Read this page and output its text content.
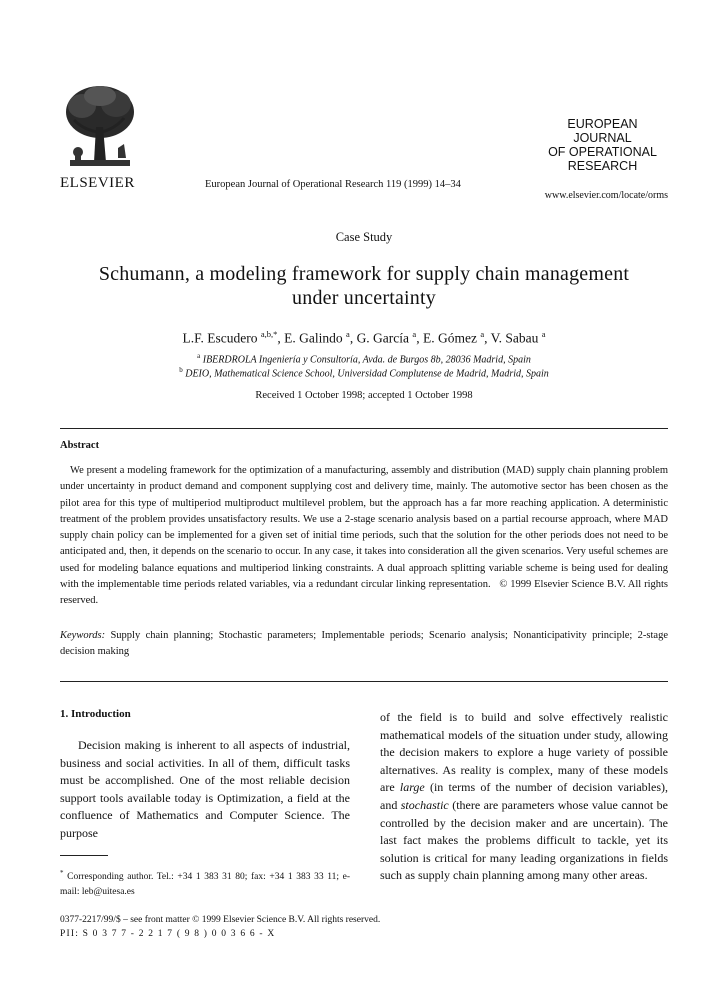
ELSEVIER	European Journal of Operational Research 119 (1999) 14–34
EUROPEAN
JOURNAL
OF OPERATIONAL
RESEARCH
www.elsevier.com/locate/orms
Case Study
Schumann, a modeling framework for supply chain management
under uncertainty
L.F. Escudero $^{a,b,*}$, E. Galindo $^a$, G. García $^a$, E. Gómez $^a$, V. Sabau $^a$
$^a$ IBERDROLA Ingeniería y Consultoría, Avda. de Burgos 8b, 28036 Madrid, Spain
$^b$ DEIO, Mathematical Science School, Universidad Complutense de Madrid, Madrid, Spain
Received 1 October 1998; accepted 1 October 1998
Abstract
We present a modeling framework for the optimization of a manufacturing, assembly and distribution (MAD) supply chain planning problem under uncertainty in product demand and component supplying cost and delivery time, mainly. The automotive sector has been chosen as the pilot area for this type of multiperiod multiproduct multilevel problem, but the approach has a far more reaching application. A deterministic treatment of the problem provides unsatisfactory results. We use a 2-stage scenario analysis based on a partial recourse approach, where MAD supply chain policy can be implemented for a given set of initial time periods, such that the solution for the other periods does not need to be anticipated and, then, it depends on the scenario to occur. In any case, it takes into consideration all the given scenarios. Very useful schemes are used for modeling balance equations and multiperiod linking constraints. A dual approach splitting variable scheme is being used for dealing with the implementable time periods related variables, via a redundant circular linking representation. © 1999 Elsevier Science B.V. All rights reserved.
Keywords: Supply chain planning; Stochastic parameters; Implementable periods; Scenario analysis; Nonanticipativity principle; 2-stage decision making
1. Introduction
Decision making is inherent to all aspects of industrial, business and social activities. In all of them, difficult tasks must be accomplished. One of the most reliable decision support tools available today is Optimization, a field at the confluence of Mathematics and Computer Science. The purpose
of the field is to build and solve effectively realistic mathematical models of the situation under study, allowing the decision makers to explore a huge variety of possible alternatives. As reality is complex, many of these models are large (in terms of the number of decision variables), and stochastic (there are parameters whose value cannot be controlled by the decision maker and are uncertain). The last fact makes the problems difficult to tackle, yet its solution is critical for many leading organizations in fields such as supply chain planning among many other areas.
* Corresponding author. Tel.: +34 1 383 31 80; fax: +34 1 383 33 11; e-mail: leb@uitesa.es
0377-2217/99/$ – see front matter © 1999 Elsevier Science B.V. All rights reserved.
PII: S 0 3 7 7 - 2 2 1 7 ( 9 8 ) 0 0 3 6 6 - X
